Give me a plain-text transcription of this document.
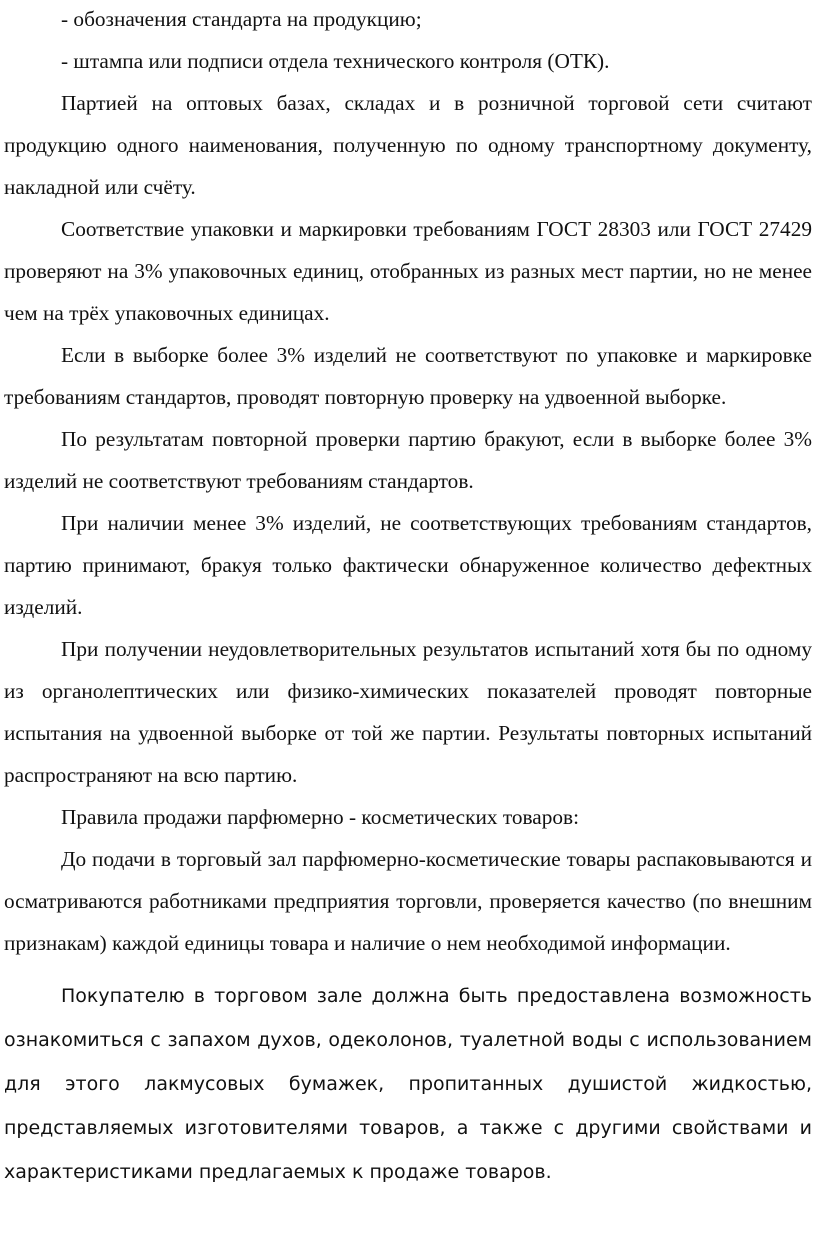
- обозначения стандарта на продукцию;

- штампа или подписи отдела технического контроля (ОТК).

Партией на оптовых базах, складах и в розничной торговой сети считают продукцию одного наименования, полученную по одному транспортному документу, накладной или счёту.

Соответствие упаковки и маркировки требованиям ГОСТ 28303 или ГОСТ 27429 проверяют на 3% упаковочных единиц, отобранных из разных мест партии, но не менее чем на трёх упаковочных единицах.

Если в выборке более 3% изделий не соответствуют по упаковке и маркировке требованиям стандартов, проводят повторную проверку на удвоенной выборке.

По результатам повторной проверки партию бракуют, если в выборке более 3% изделий не соответствуют требованиям стандартов.

При наличии менее 3% изделий, не соответствующих требованиям стандартов, партию принимают, бракуя только фактически обнаруженное количество дефектных изделий.

При получении неудовлетворительных результатов испытаний хотя бы по одному из органолептических или физико-химических показателей проводят повторные испытания на удвоенной выборке от той же партии. Результаты повторных испытаний распространяют на всю партию.

Правила продажи парфюмерно - косметических товаров:

До подачи в торговый зал парфюмерно-косметические товары распаковываются и осматриваются работниками предприятия торговли, проверяется качество (по внешним признакам) каждой единицы товара и наличие о нем необходимой информации.

Покупателю в торговом зале должна быть предоставлена возможность ознакомиться с запахом духов, одеколонов, туалетной воды с использованием для этого лакмусовых бумажек, пропитанных душистой жидкостью, представляемых изготовителями товаров, а также с другими свойствами и характеристиками предлагаемых к продаже товаров.
